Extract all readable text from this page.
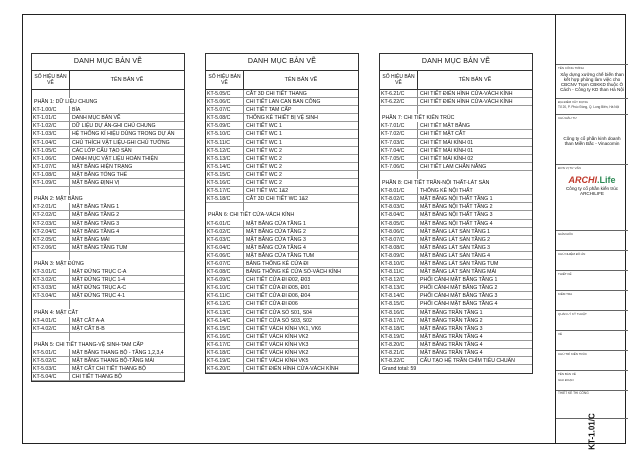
DANH MỤC BẢN VẼ
SỐ HIỆU BẢN VẼ	TÊN BẢN VẼ
PHẦN 1: DỮ LIỆU CHUNG
KT-1.00/C	BÌA
KT-1.01/C	DANH MỤC BẢN VẼ
KT-1.02/C	DỮ LIỆU DỰ ÁN-GHI CHÚ CHUNG
KT-1.03/C	HỆ THỐNG KÍ HIỆU DÙNG TRONG DỰ ÁN
KT-1.04/C	CHÚ THÍCH VẬT LIỆU-GHI CHÚ TƯỜNG
KT-1.05/C	CÁC LỚP CẤU TẠO SÀN
KT-1.06/C	DANH MỤC VẬT LIỆU HOÀN THIỆN
KT-1.07/C	MẶT BẰNG HIỆN TRẠNG
KT-1.08/C	MẶT BẰNG TỔNG THỂ
KT-1.09/C	MẶT BẰNG ĐỊNH VỊ
PHẦN 2: MẶT BẰNG
KT-2.01/C	MẶT BẰNG TẦNG 1
KT-2.02/C	MẶT BẰNG TẦNG 2
KT-2.03/C	MẶT BẰNG TẦNG 3
KT-2.04/C	MẶT BẰNG TẦNG 4
KT-2.05/C	MẶT BẰNG MÁI
KT-2.06/C	MẶT BẰNG TẦNG TUM
PHẦN 3: MẶT ĐỨNG
KT-3.01/C	MẶT ĐỨNG TRỤC C-A
KT-3.02/C	MẶT ĐỨNG TRỤC 1-4
KT-3.03/C	MẶT ĐỨNG TRỤC A-C
KT-3.04/C	MẶT ĐỨNG TRỤC 4-1
PHẦN 4: MẶT CẮT
KT-4.01/C	MẶT CẮT A-A
KT-4.02/C	MẶT CẮT B-B
PHẦN 5: CHI TIẾT THANG-VỆ SINH-TAM CẤP
KT-5.01/C	MẶT BẰNG THANG BỘ - TẦNG 1,2,3,4
KT-5.02/C	MẶT BẰNG THANG BỘ-TẦNG MÁI
KT-5.03/C	MẶT CẮT CHI TIẾT THANG BỘ
KT-5.04/C	CHI TIẾT THANG BỘ
DANH MỤC BẢN VẼ
SỐ HIỆU BẢN VẼ	TÊN BẢN VẼ
KT-5.05/C	CẮT 3D CHI TIẾT THANG
KT-5.06/C	CHI TIẾT LAN CAN BAN CÔNG
KT-5.07/C	CHI TIẾT TAM CẤP
KT-5.08/C	THỐNG KÊ THIẾT BỊ VỆ SINH
KT-5.09/C	CHI TIẾT WC 1
KT-5.10/C	CHI TIẾT WC 1
KT-5.11/C	CHI TIẾT WC 1
KT-5.12/C	CHI TIẾT WC 2
KT-5.13/C	CHI TIẾT WC 2
KT-5.14/C	CHI TIẾT WC 2
KT-5.15/C	CHI TIẾT WC 2
KT-5.16/C	CHI TIẾT WC 2
KT-5.17/C	CHI TIẾT WC 1&2
KT-5.18/C	CẮT 3D CHI TIẾT WC 1&2
PHẦN 6: CHI TIẾT CỬA-VÁCH KÍNH
KT-6.01/C	MẶT BẰNG CỬA TẦNG 1
KT-6.02/C	MẶT BẰNG CỬA TẦNG 2
KT-6.03/C	MẶT BẰNG CỬA TẦNG 3
KT-6.04/C	MẶT BẰNG CỬA TẦNG 4
KT-6.06/C	MẶT BẰNG CỬA TẦNG TUM
KT-6.07/C	BẢNG THỐNG KÊ CỬA ĐI
KT-6.08/C	BẢNG THỐNG KÊ CỬA SỔ-VÁCH KÍNH
KT-6.09/C	CHI TIẾT CỬA ĐI Đ02, Đ03
KT-6.10/C	CHI TIẾT CỬA ĐI Đ05, Đ01
KT-6.11/C	CHI TIẾT CỬA ĐI Đ06, Đ04
KT-6.12/C	CHI TIẾT CỬA ĐI Đ06
KT-6.13/C	CHI TIẾT CỬA SỔ S01, S04
KT-6.14/C	CHI TIẾT CỬA SỔ S03, S02
KT-6.15/C	CHI TIẾT VÁCH KÍNH VK1, VK6
KT-6.16/C	CHI TIẾT VÁCH KÍNH VK2
KT-6.17/C	CHI TIẾT VÁCH KÍNH VK3
KT-6.18/C	CHI TIẾT VÁCH KÍNH VK2
KT-6.19/C	CHI TIẾT VÁCH KÍNH VK5
KT-6.20/C	CHI TIẾT ĐIỂN HÌNH CỬA-VÁCH KÍNH
DANH MỤC BẢN VẼ
SỐ HIỆU BẢN VẼ	TÊN BẢN VẼ
KT-6.21/C	CHI TIẾT ĐIỂN HÌNH CỬA-VÁCH KÍNH
KT-6.22/C	CHI TIẾT ĐIỂN HÌNH CỬA-VÁCH KÍNH
PHẦN 7: CHI TIẾT KIẾN TRÚC
KT-7.01/C	CHI TIẾT MẶT BẰNG
KT-7.02/C	CHI TIẾT MẶT CẮT
KT-7.03/C	CHI TIẾT MÁI KÍNH 01
KT-7.04/C	CHI TIẾT MÁI KÍNH 01
KT-7.05/C	CHI TIẾT MÁI KÍNH 02
KT-7.06/C	CHI TIẾT LAM CHẮN NẮNG
PHẦN 8: CHI TIẾT TRẦN-NỘI THẤT-LÁT SÀN
KT-8.01/C	THỐNG KÊ NỘI THẤT
KT-8.02/C	MẶT BẰNG NỘI THẤT TẦNG 1
KT-8.03/C	MẶT BẰNG NỘI THẤT TẦNG 2
KT-8.04/C	MẶT BẰNG NỘI THẤT TẦNG 3
KT-8.05/C	MẶT BẰNG NỘI THẤT TẦNG 4
KT-8.06/C	MẶT BẰNG LÁT SÀN TẦNG 1
KT-8.07/C	MẶT BẰNG LÁT SÀN TẦNG 2
KT-8.08/C	MẶT BẰNG LÁT SÀN TẦNG 3
KT-8.09/C	MẶT BẰNG LÁT SÀN TẦNG 4
KT-8.10/C	MẶT BẰNG LÁT SÀN TẦNG TUM
KT-8.11/C	MẶT BẰNG LÁT SÀN TẦNG MÁI
KT-8.12/C	PHỐI CẢNH MẶT BẰNG TẦNG 1
KT-8.13/C	PHỐI CẢNH MẶT BẰNG TẦNG 2
KT-8.14/C	PHỐI CẢNH MẶT BẰNG TẦNG 3
KT-8.15/C	PHỐI CẢNH MẶT BẰNG TẦNG 4
KT-8.16/C	MẶT BẰNG TRẦN TẦNG 1
KT-8.17/C	MẶT BẰNG TRẦN TẦNG 2
KT-8.18/C	MẶT BẰNG TRẦN TẦNG 3
KT-8.19/C	MẶT BẰNG TRẦN TẦNG 4
KT-8.20/C	MẶT BẰNG TRẦN TẦNG 4
KT-8.21/C	MẶT BẰNG TRẦN TẦNG 4
KT-8.22/C	CẤU TẠO HỆ TRẦN CHÌM TIÊU CHUẨN
Grand total: 59
TÊN CÔNG TRÌNH
Xây dựng xưởng chế biến than kết hợp phòng làm việc cho CBCNV Trạm CBKKD thuộc Ô Cách - Công ty KD than Hà Nội
ĐỊA ĐIỂM XÂY DỰNG
Tổ 20, P. Phúc Đồng, Q. Long Biên, Hà Nội
CHỦ ĐẦU TƯ
Công ty cổ phần kinh doanh than Miền Bắc - Vinacomin
ĐƠN VỊ TƯ VẤN
ARCHI.Life
Công ty cổ phần kiến trúc ARCHILIFE
GIÁM ĐỐC
CHỦ NHIỆM ĐỒ ÁN
THIẾT KẾ
KIỂM TRA
QUẢN LÝ KỸ THUẬT
VẼ
CHỦ TRÌ KIẾN TRÚC
TÊN BẢN VẼ
GIAI ĐOẠN
THIẾT KẾ THI CÔNG
KT-1.01/C
